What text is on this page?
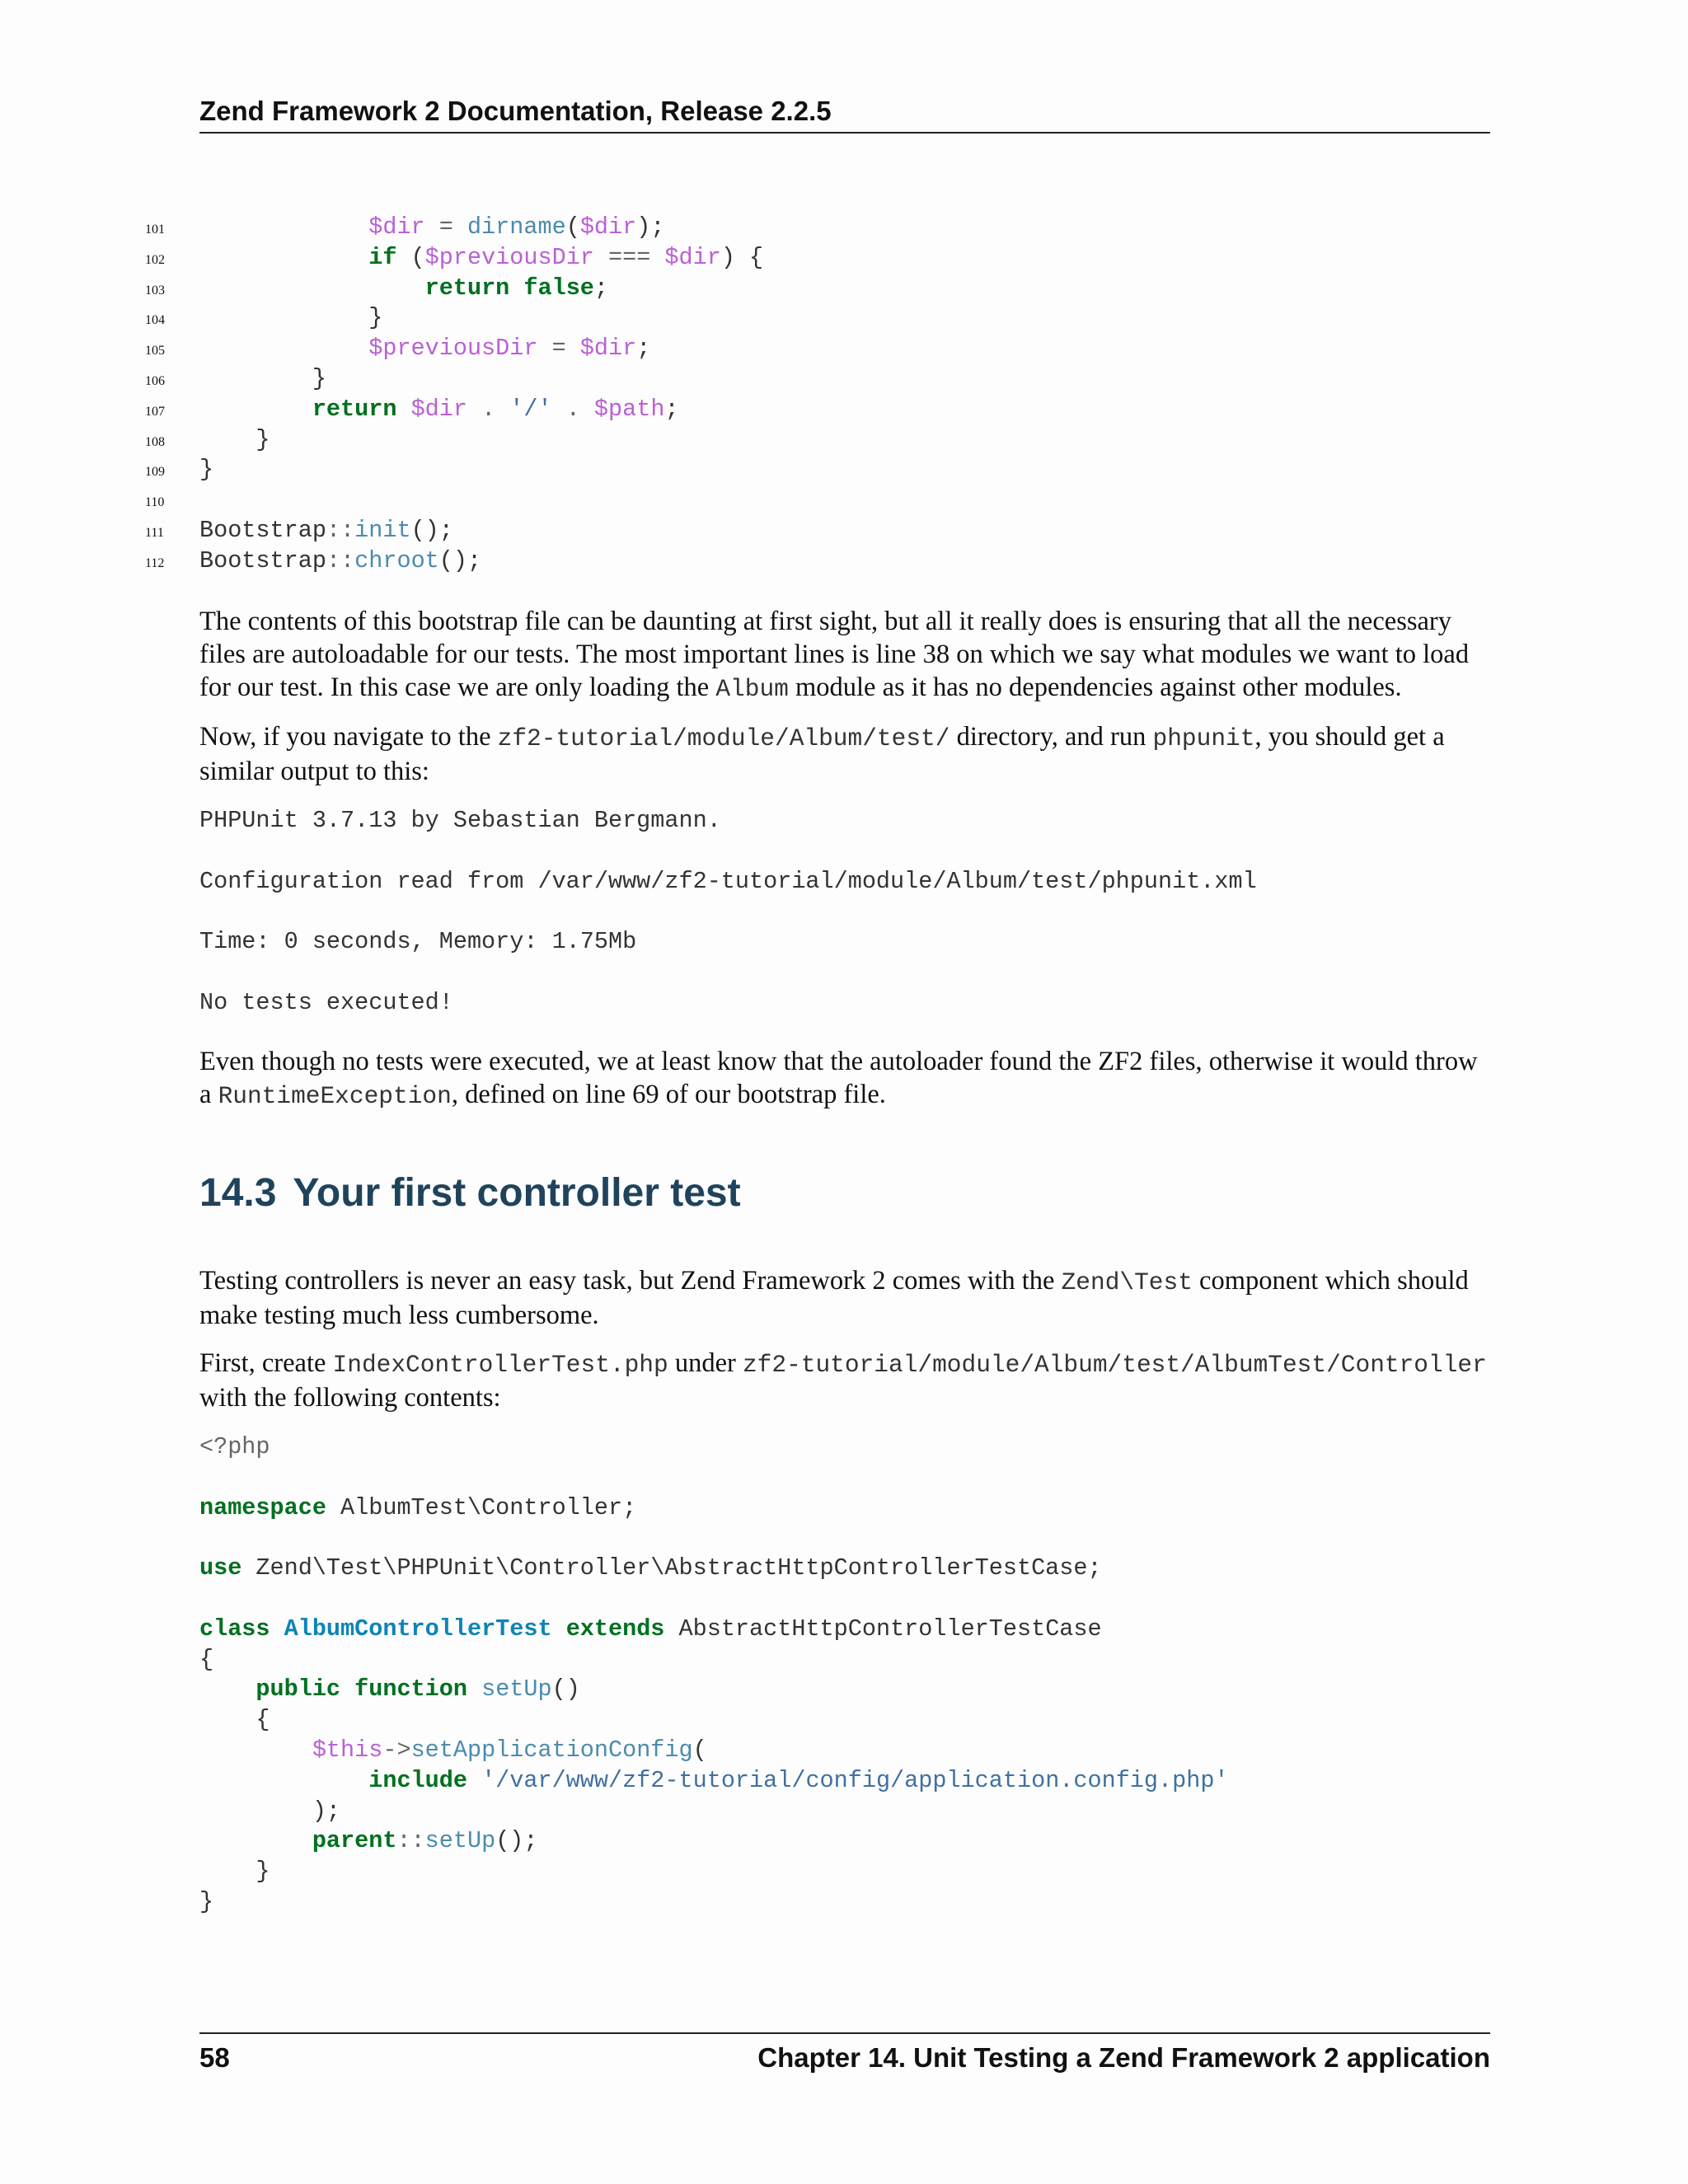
Zend Framework 2 Documentation, Release 2.2.5
101	$dir = dirname($dir);
102	if ($previousDir === $dir) {
103	return false;
104	}
105	$previousDir = $dir;
106	}
107	return $dir . '/' . $path;
108	}
109 }
110
111 Bootstrap::init();
112 Bootstrap::chroot();
The contents of this bootstrap file can be daunting at first sight, but all it really does is ensuring that all the necessary files are autoloadable for our tests. The most important lines is line 38 on which we say what modules we want to load for our test. In this case we are only loading the Album module as it has no dependencies against other modules.
Now, if you navigate to the zf2-tutorial/module/Album/test/ directory, and run phpunit, you should get a similar output to this:
PHPUnit 3.7.13 by Sebastian Bergmann.
Configuration read from /var/www/zf2-tutorial/module/Album/test/phpunit.xml
Time: 0 seconds, Memory: 1.75Mb
No tests executed!
Even though no tests were executed, we at least know that the autoloader found the ZF2 files, otherwise it would throw a RuntimeException, defined on line 69 of our bootstrap file.
14.3 Your first controller test
Testing controllers is never an easy task, but Zend Framework 2 comes with the Zend\Test component which should make testing much less cumbersome.
First, create IndexControllerTest.php under zf2-tutorial/module/Album/test/AlbumTest/Controller
with the following contents:
<?php
namespace AlbumTest\Controller;
use Zend\Test\PHPUnit\Controller\AbstractHttpControllerTestCase;
class AlbumControllerTest extends AbstractHttpControllerTestCase
{
public function setUp()
{
$this->setApplicationConfig(
include '/var/www/zf2-tutorial/config/application.config.php'
);
parent::setUp();
}
}
58	Chapter 14. Unit Testing a Zend Framework 2 application
